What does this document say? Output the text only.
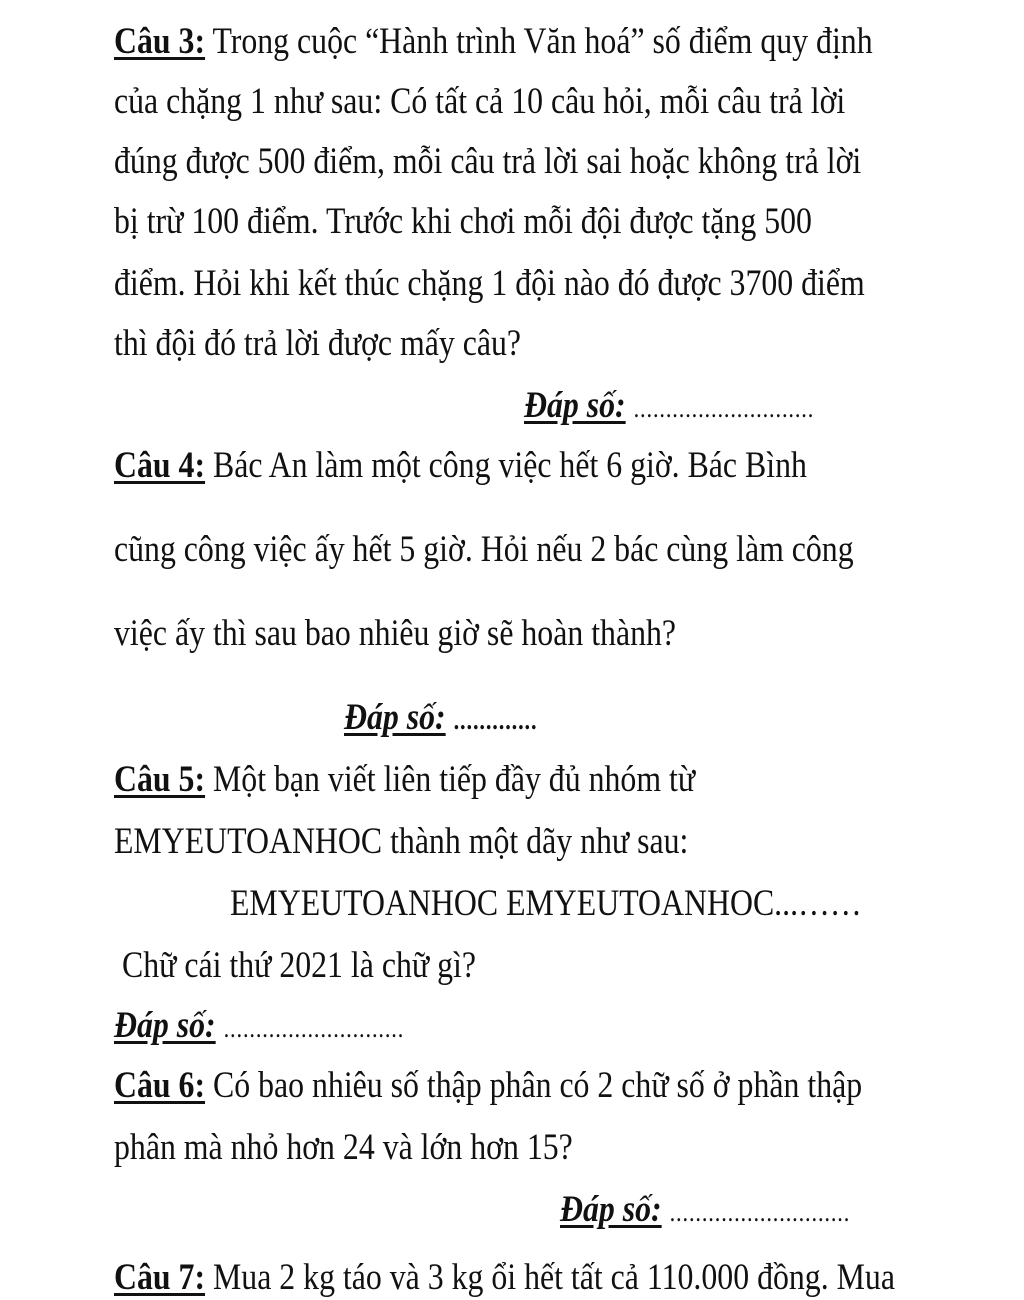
Câu 3: Trong cuộc “Hành trình Văn hoá” số điểm quy định
của chặng 1 như sau: Có tất cả 10 câu hỏi, mỗi câu trả lời
đúng được 500 điểm, mỗi câu trả lời sai hoặc không trả lời
bị trừ 100 điểm. Trước khi chơi mỗi đội được tặng 500
điểm. Hỏi khi kết thúc chặng 1 đội nào đó được 3700 điểm
thì đội đó trả lời được mấy câu?
Đáp số: ............................
Câu 4: Bác An làm một công việc hết 6 giờ. Bác Bình
cũng công việc ấy hết 5 giờ. Hỏi nếu 2 bác cùng làm công
việc ấy thì sau bao nhiêu giờ sẽ hoàn thành?
Đáp số: .............
Câu 5: Một bạn viết liên tiếp đầy đủ nhóm từ
EMYEUTOANHOC thành một dãy như sau:
EMYEUTOANHOC EMYEUTOANHOC...……
Chữ cái thứ 2021 là chữ gì?
Đáp số: ............................
Câu 6: Có bao nhiêu số thập phân có 2 chữ số ở phần thập
phân mà nhỏ hơn 24 và lớn hơn 15?
Đáp số: ............................
Câu 7: Mua 2 kg táo và 3 kg ổi hết tất cả 110.000 đồng. Mua
